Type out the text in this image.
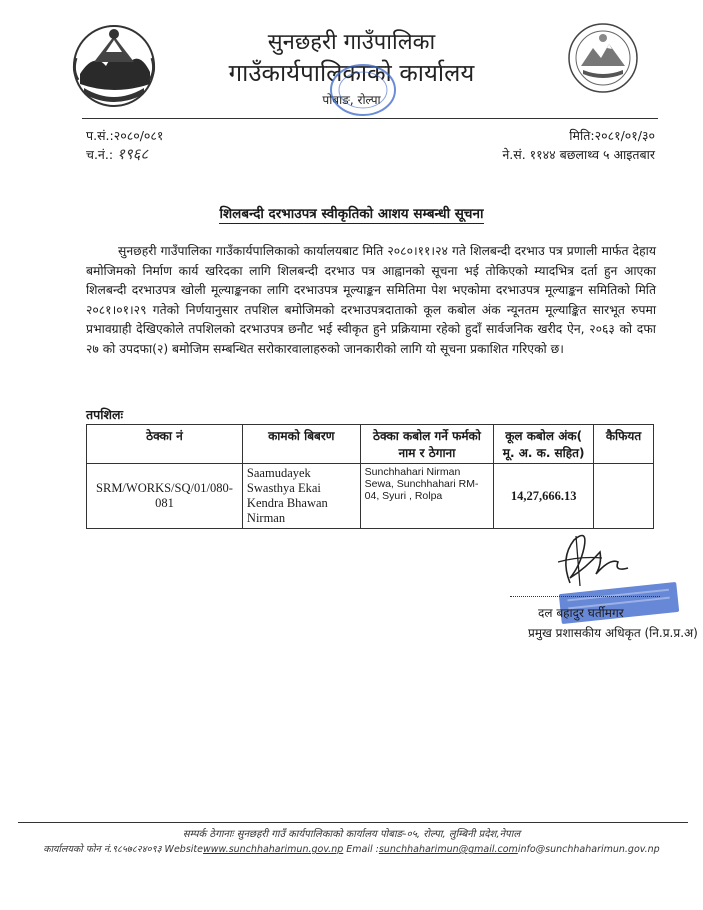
सुनछहरी गाउँपालिका
गाउँकार्यपालिकाको कार्यालय
पोबाङ, रोल्पा
प.सं.:२०८०/०८१
च.नं.: १९६८
मिति:२०८१/०१/३०
ने.सं. ११४४ बछलाथ्व ५ आइतबार
शिलबन्दी दरभाउपत्र स्वीकृतिको आशय सम्बन्धी सूचना
सुनछहरी गाउँपालिका गाउँकार्यपालिकाको कार्यालयबाट मिति २०८०।११।२४ गते शिलबन्दी दरभाउ पत्र प्रणाली मार्फत देहाय बमोजिमको निर्माण कार्य खरिदका लागि शिलबन्दी दरभाउ पत्र आह्वानको सूचना भई तोकिएको म्यादभित्र दर्ता हुन आएका शिलबन्दी दरभाउपत्र खोली मूल्याङ्कनका लागि दरभाउपत्र मूल्याङ्कन समितिमा पेश भएकोमा दरभाउपत्र मूल्याङ्कन समितिको मिति २०८१।०१।२९ गतेको निर्णयानुसार तपशिल बमोजिमको दरभाउपत्रदाताको कूल कबोल अंक न्यूनतम मूल्याङ्कित सारभूत रुपमा प्रभावग्राही देखिएकोले तपशिलको दरभाउपत्र छनौट भई स्वीकृत हुने प्रक्रियामा रहेको हुदाँ सार्वजनिक खरीद ऐन, २०६३ को दफा २७ को उपदफा(२) बमोजिम सम्बन्धित सरोकारवालाहरुको जानकारीको लागि यो सूचना प्रकाशित गरिएको छ।
तपशिलः
ठेक्का नं	कामको बिबरण	ठेक्का कबोल गर्ने फर्मको नाम र ठेगाना	कूल कबोल अंक( मू. अ. क. सहित)	कैफियत
SRM/WORKS/SQ/01/080-081	Saamudayek Swasthya Ekai Kendra Bhawan Nirman	Sunchhahari Nirman Sewa, Sunchhahari RM-04, Syuri , Rolpa	14,27,666.13	
दल बहादुर घर्तीमगर
प्रमुख प्रशासकीय अधिकृत (नि.प्र.प्र.अ)
सम्पर्क ठेगानाः सुनछहरी गाउँ कार्यपालिकाको कार्यालय पोबाङ-०५, रोल्पा, लुम्बिनी प्रदेश,नेपाल
कार्यालयको फोन नं.९८५७८२४०९३ Websitewww.sunchhaharimun.gov.np Email :sunchhaharimun@gmail.cominfo@sunchhaharimun.gov.np
